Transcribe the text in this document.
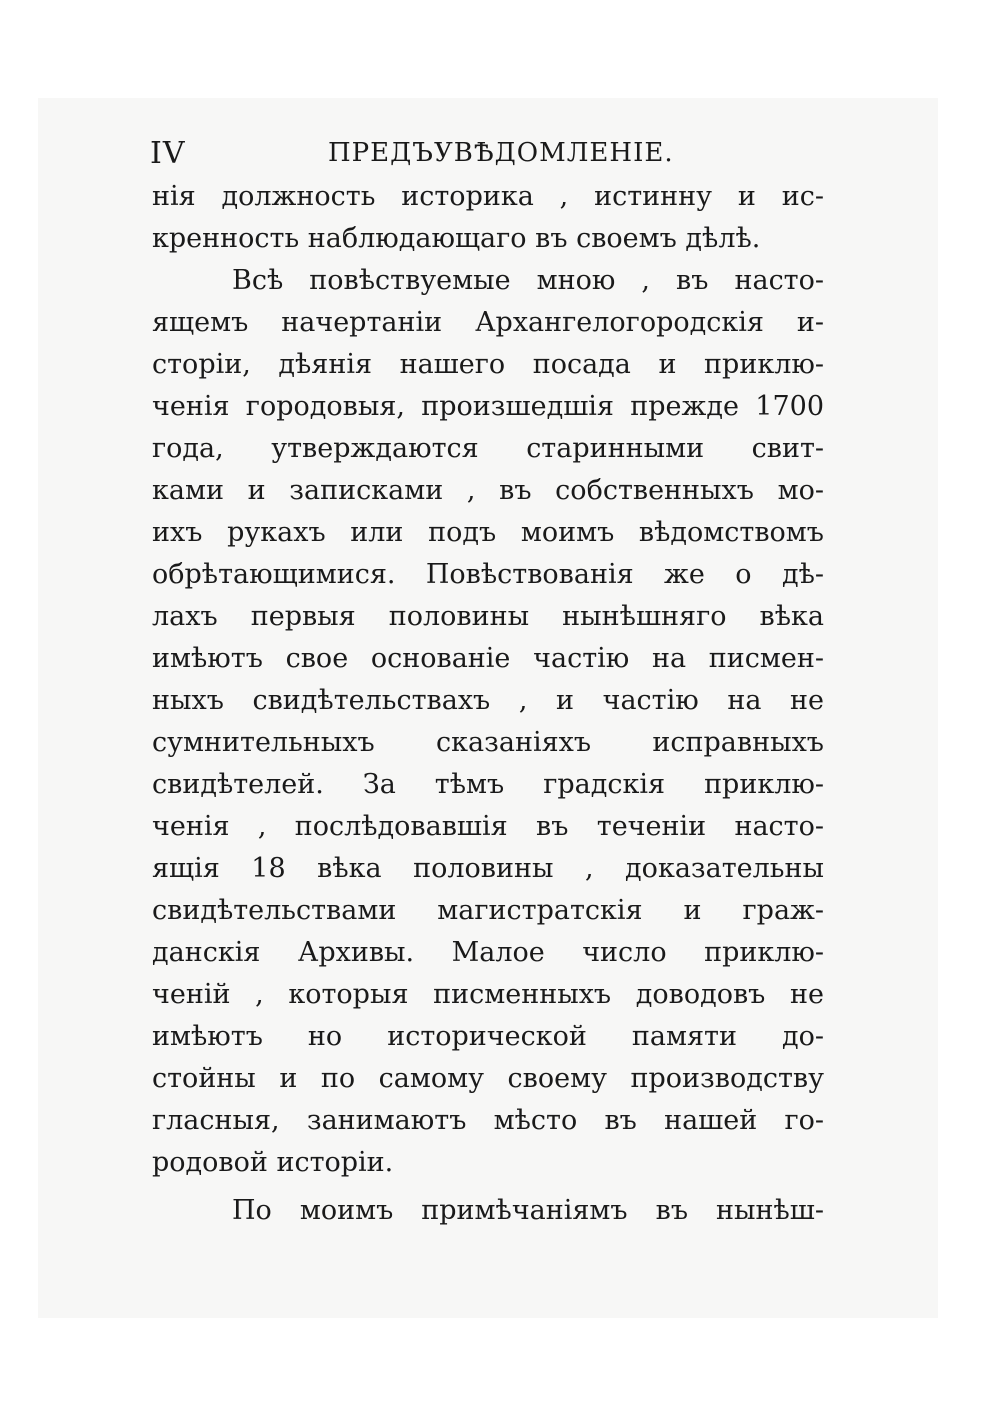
IV	ПРЕДЪУВѢДОМЛЕНIЕ.
нія должность историка , истинну и ис-
кренность наблюдающаго въ своемъ дѣлѣ.
Всѣ повѣствуемые мною , въ насто-
ящемъ начертаніи Архангелогородскія и-
сторіи, дѣянія нашего посада и приклю-
ченія городовыя, произшедшія прежде 1700
года, утверждаются старинными свит-
ками и записками , въ собственныхъ мо-
ихъ рукахъ или подъ моимъ вѣдомствомъ
обрѣтающимися. Повѣствованія же о дѣ-
лахъ первыя половины нынѣшняго вѣка
имѣютъ свое основаніе частію на писмен-
ныхъ свидѣтельствахъ , и частію на не
сумнительныхъ сказаніяхъ исправныхъ
свидѣтелей. За тѣмъ градскія приклю-
ченія , послѣдовавшія въ теченіи насто-
ящія 18 вѣка половины , доказательны
свидѣтельствами магистратскія и граж-
данскія Архивы. Малое число приклю-
ченій , которыя писменныхъ доводовъ не
имѣютъ но исторической памяти до-
стойны и по самому своему производству
гласныя, занимаютъ мѣсто въ нашей го-
родовой исторіи.
По моимъ примѣчаніямъ въ нынѣш-
